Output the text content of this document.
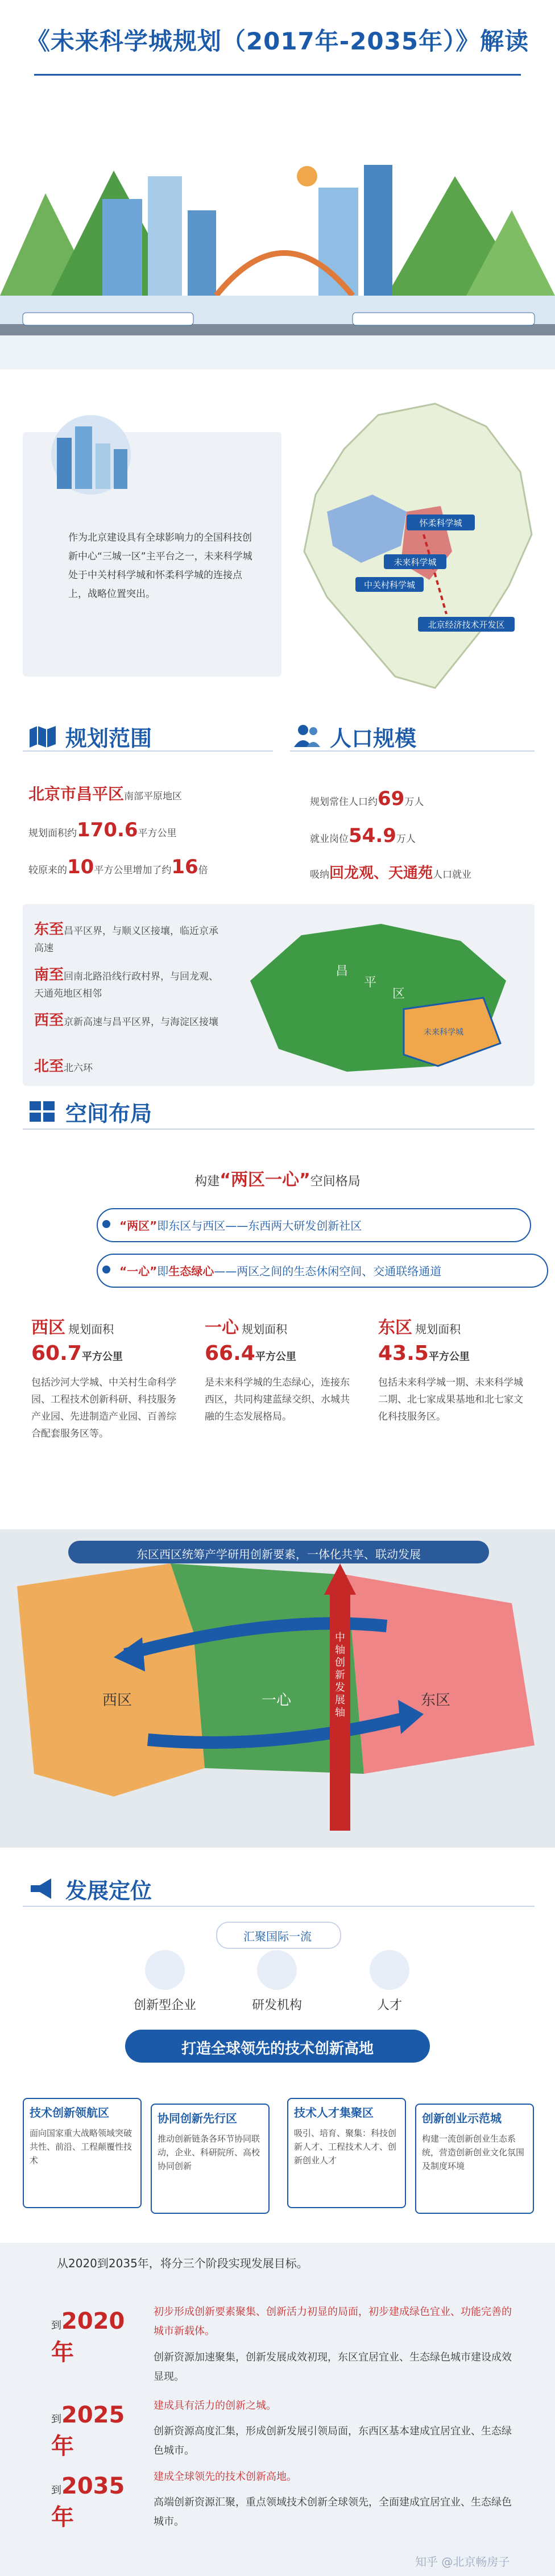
《未来科学城规划（2017年-2035年）》解读
作为北京建设具有全球影响力的全国科技创新中心“三城一区”主平台之一，未来科学城处于中关村科学城和怀柔科学城的连接点上，战略位置突出。
怀柔科学城
未来科学城
中关村科学城
北京经济技术开发区
规划范围	人口规模
北京市昌平区南部平原地区
规划面积约170.6平方公里
较原来的10平方公里增加了约16倍
规划常住人口约69万人
就业岗位54.9万人
吸纳回龙观、天通苑人口就业
东至昌平区界，与顺义区接壤，临近京承高速
南至回南北路沿线行政村界，与回龙观、天通苑地区相邻
西至京新高速与昌平区界，与海淀区接壤
北至北六环
昌
平
区
未来科学城
空间布局
构建“两区一心”空间格局
“两区”即东区与西区——东西两大研发创新社区
“一心”即生态绿心——两区之间的生态休闲空间、交通联络通道
西区 规划面积
60.7平方公里
包括沙河大学城、中关村生命科学园、工程技术创新科研、科技服务产业园、先进制造产业园、百善综合配套服务区等。
一心 规划面积
66.4平方公里
是未来科学城的生态绿心，连接东西区，共同构建蓝绿交织、水城共融的生态发展格局。
东区 规划面积
43.5平方公里
包括未来科学城一期、未来科学城二期、北七家成果基地和北七家文化科技服务区。
东区西区统筹产学研用创新要素，一体化共享、联动发展
西区	一心	东区
中轴创新发展轴
发展定位
汇聚国际一流
创新型企业	研发机构	人才
打造全球领先的技术创新高地
技术创新领航区
面向国家重大战略领域突破共性、前沿、工程颠覆性技术
协同创新先行区
推动创新链条各环节协同联动，企业、科研院所、高校协同创新
技术人才集聚区
吸引、培育、聚集：科技创新人才、工程技术人才、创新创业人才
创新创业示范城
构建一流创新创业生态系统，营造创新创业文化氛围及制度环境
从2020到2035年，将分三个阶段实现发展目标。
到2020年
初步形成创新要素聚集、创新活力初显的局面，初步建成绿色宜业、功能完善的城市新载体。
创新资源加速聚集，创新发展成效初现，东区宜居宜业、生态绿色城市建设成效显现。
到2025年
建成具有活力的创新之城。
创新资源高度汇集，形成创新发展引领局面，东西区基本建成宜居宜业、生态绿色城市。
到2035年
建成全球领先的技术创新高地。
高端创新资源汇聚，重点领域技术创新全球领先，全面建成宜居宜业、生态绿色城市。
知乎 @北京畅房子
